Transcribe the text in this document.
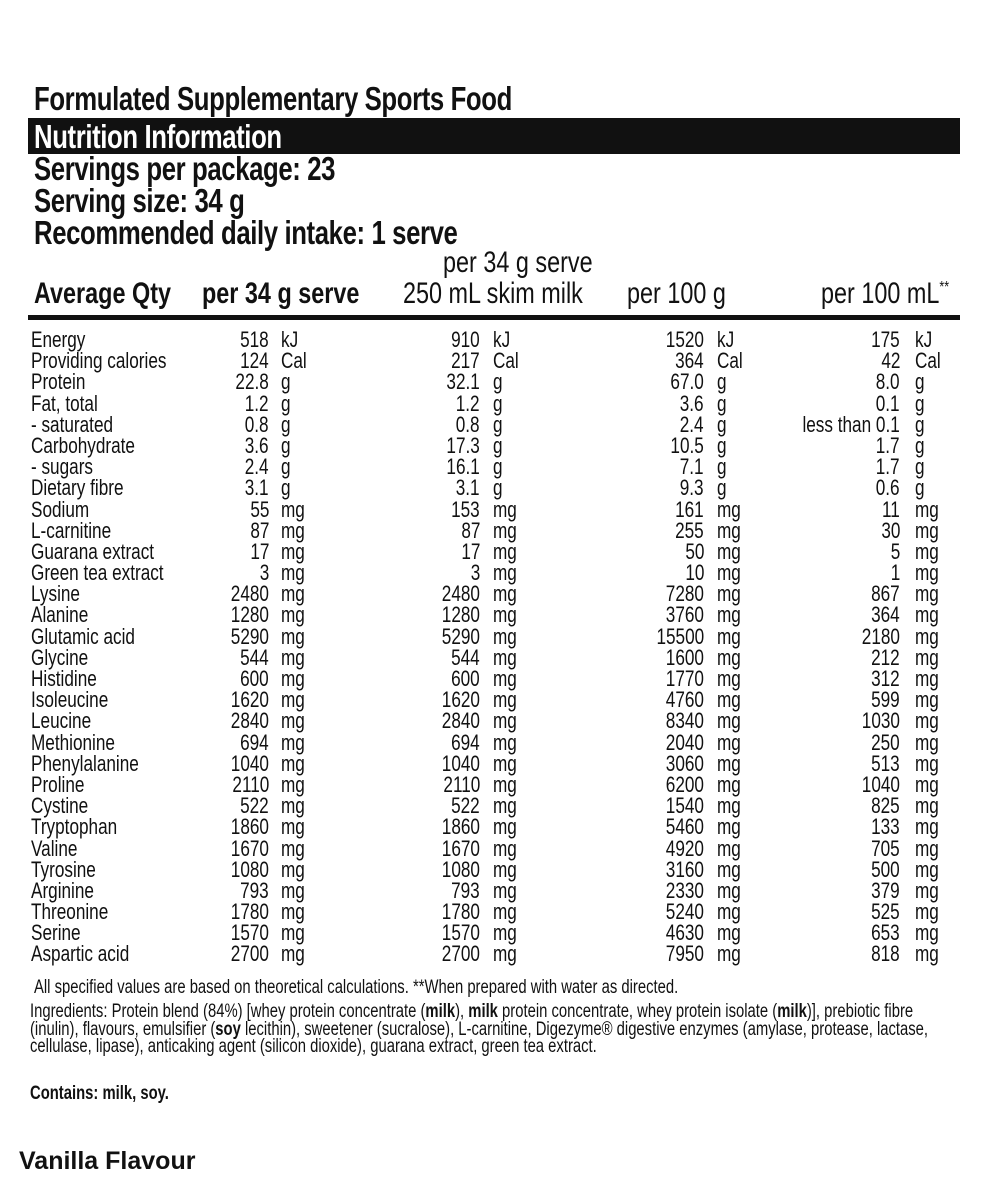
Formulated Supplementary Sports Food
Nutrition Information
Servings per package: 23
Serving size: 34 g
Recommended daily intake: 1 serve
Average Qty	per 34 g serve
per 34 g serve
250 mL skim milk	per 100 g	per 100 mL**
Energy	518 kJ	910 kJ	1520 kJ	175 kJ
Providing calories	124 Cal	217 Cal	364 Cal	42 Cal
Protein	22.8 g	32.1 g	67.0 g	8.0 g
Fat, total	1.2 g	1.2 g	3.6 g	0.1 g
- saturated	0.8 g	0.8 g	2.4 g	less than 0.1 g
Carbohydrate	3.6 g	17.3 g	10.5 g	1.7 g
- sugars	2.4 g	16.1 g	7.1 g	1.7 g
Dietary fibre	3.1 g	3.1 g	9.3 g	0.6 g
Sodium	55 mg	153 mg	161 mg	11 mg
L-carnitine	87 mg	87 mg	255 mg	30 mg
Guarana extract	17 mg	17 mg	50 mg	5 mg
Green tea extract	3 mg	3 mg	10 mg	1 mg
Lysine	2480 mg	2480 mg	7280 mg	867 mg
Alanine	1280 mg	1280 mg	3760 mg	364 mg
Glutamic acid	5290 mg	5290 mg	15500 mg	2180 mg
Glycine	544 mg	544 mg	1600 mg	212 mg
Histidine	600 mg	600 mg	1770 mg	312 mg
Isoleucine	1620 mg	1620 mg	4760 mg	599 mg
Leucine	2840 mg	2840 mg	8340 mg	1030 mg
Methionine	694 mg	694 mg	2040 mg	250 mg
Phenylalanine	1040 mg	1040 mg	3060 mg	513 mg
Proline	2110 mg	2110 mg	6200 mg	1040 mg
Cystine	522 mg	522 mg	1540 mg	825 mg
Tryptophan	1860 mg	1860 mg	5460 mg	133 mg
Valine	1670 mg	1670 mg	4920 mg	705 mg
Tyrosine	1080 mg	1080 mg	3160 mg	500 mg
Arginine	793 mg	793 mg	2330 mg	379 mg
Threonine	1780 mg	1780 mg	5240 mg	525 mg
Serine	1570 mg	1570 mg	4630 mg	653 mg
Aspartic acid	2700 mg	2700 mg	7950 mg	818 mg
All specified values are based on theoretical calculations. **When prepared with water as directed.
Ingredients: Protein blend (84%) [whey protein concentrate (milk), milk protein concentrate, whey protein isolate (milk)], prebiotic fibre (inulin), flavours, emulsifier (soy lecithin), sweetener (sucralose), L-carnitine, Digezyme® digestive enzymes (amylase, protease, lactase, cellulase, lipase), anticaking agent (silicon dioxide), guarana extract, green tea extract.
Contains: milk, soy.
Vanilla Flavour
